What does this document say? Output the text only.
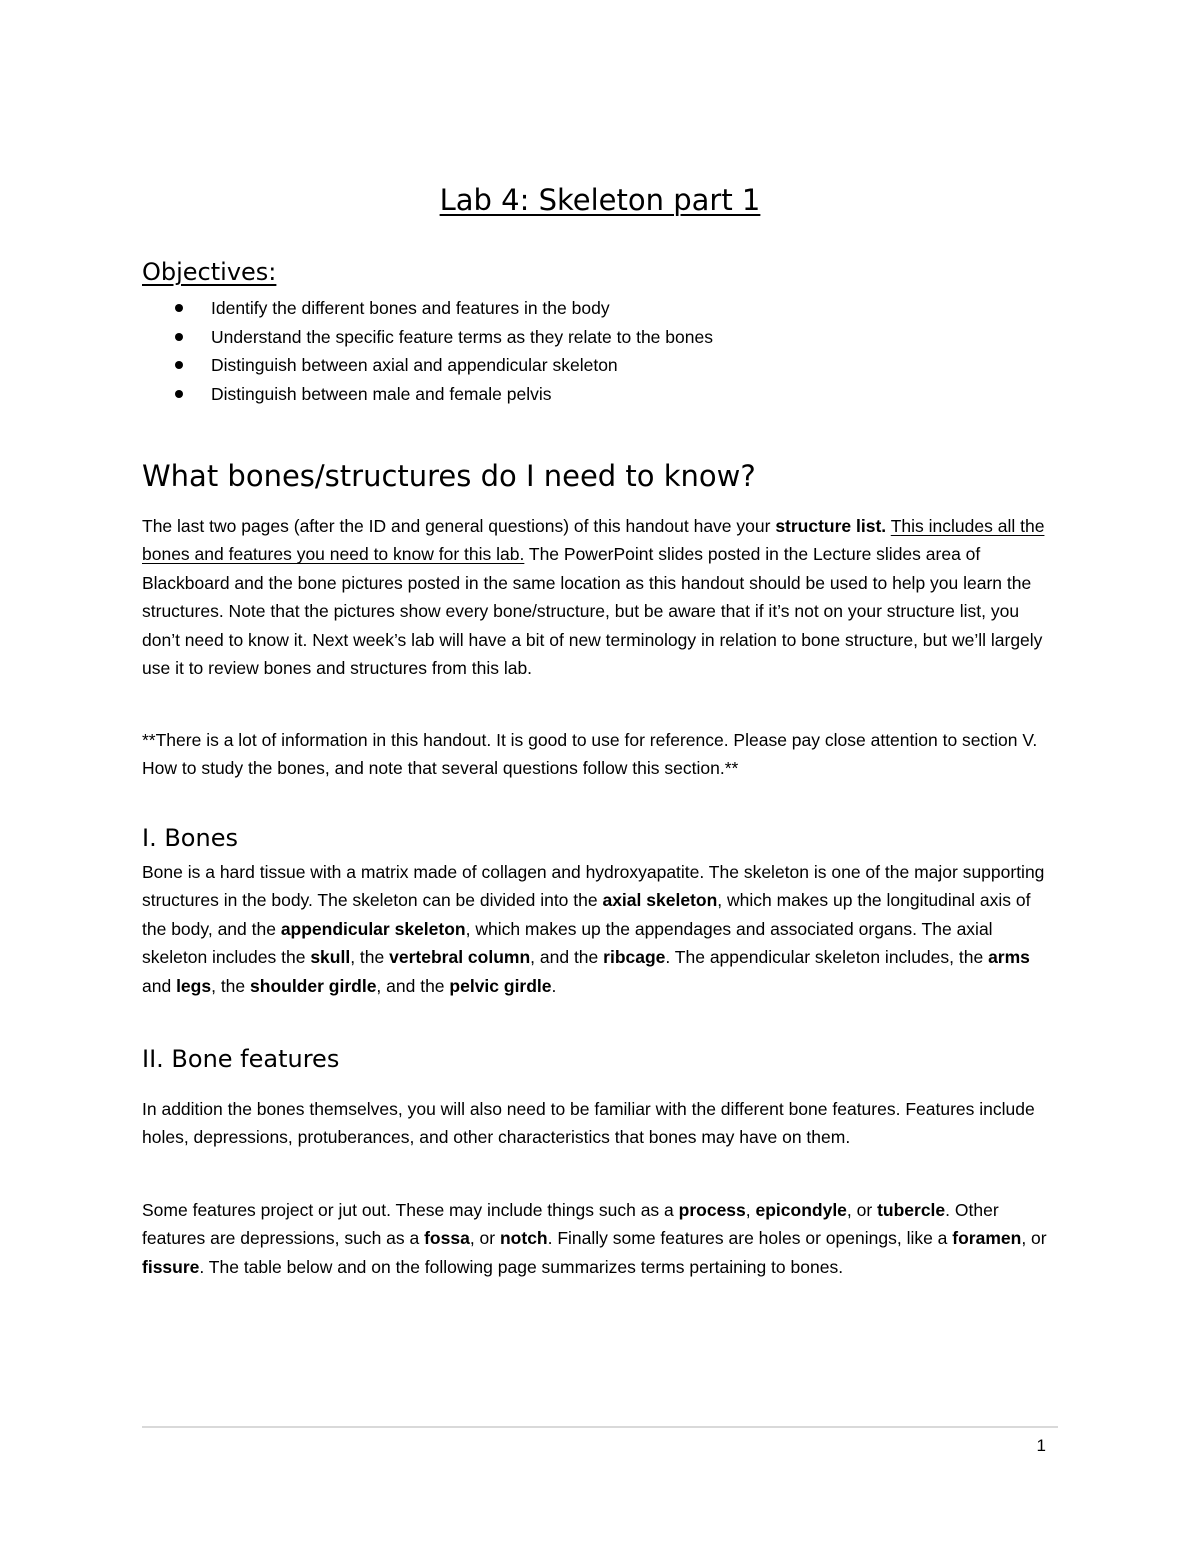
Lab 4: Skeleton part 1
Objectives:
Identify the different bones and features in the body
Understand the specific feature terms as they relate to the bones
Distinguish between axial and appendicular skeleton
Distinguish between male and female pelvis
What bones/structures do I need to know?

The last two pages (after the ID and general questions) of this handout have your structure list. This includes all the bones and features you need to know for this lab. The PowerPoint slides posted in the Lecture slides area of Blackboard and the bone pictures posted in the same location as this handout should be used to help you learn the structures. Note that the pictures show every bone/structure, but be aware that if it’s not on your structure list, you don’t need to know it. Next week’s lab will have a bit of new terminology in relation to bone structure, but we’ll largely use it to review bones and structures from this lab.

**There is a lot of information in this handout. It is good to use for reference. Please pay close attention to section V. How to study the bones, and note that several questions follow this section.**

I. Bones

Bone is a hard tissue with a matrix made of collagen and hydroxyapatite. The skeleton is one of the major supporting structures in the body. The skeleton can be divided into the axial skeleton, which makes up the longitudinal axis of the body, and the appendicular skeleton, which makes up the appendages and associated organs. The axial skeleton includes the skull, the vertebral column, and the ribcage. The appendicular skeleton includes, the arms and legs, the shoulder girdle, and the pelvic girdle.

II. Bone features

In addition the bones themselves, you will also need to be familiar with the different bone features. Features include holes, depressions, protuberances, and other characteristics that bones may have on them.

Some features project or jut out. These may include things such as a process, epicondyle, or tubercle. Other features are depressions, such as a fossa, or notch. Finally some features are holes or openings, like a foramen, or fissure. The table below and on the following page summarizes terms pertaining to bones.

1
